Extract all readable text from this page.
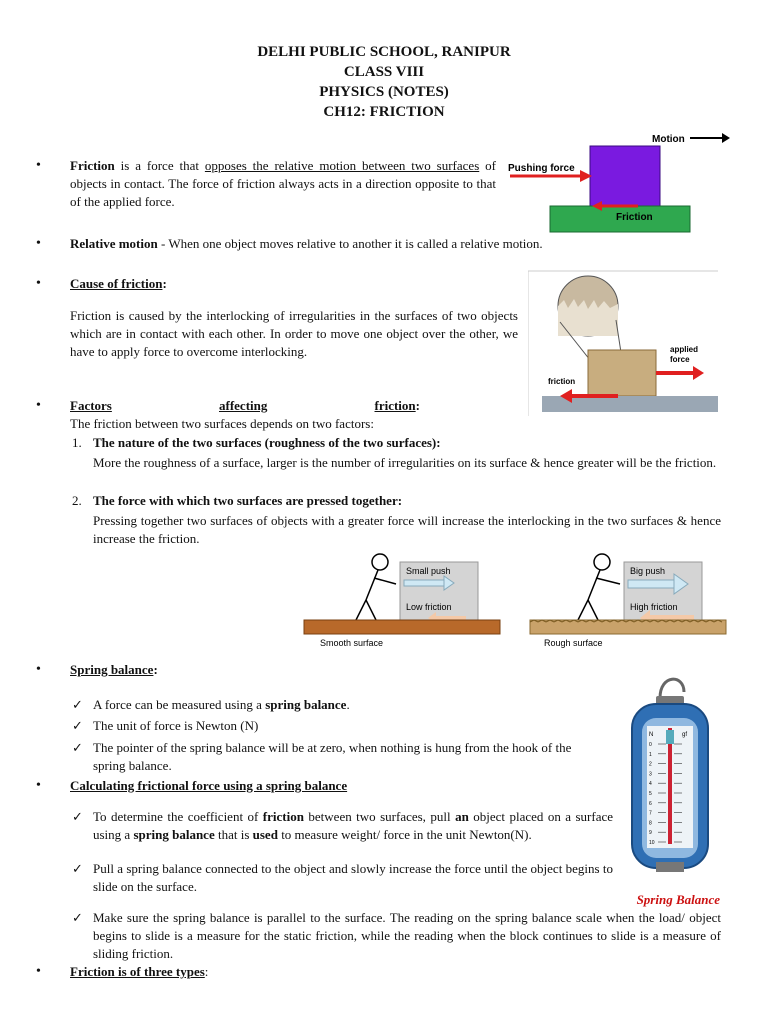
DELHI PUBLIC SCHOOL, RANIPUR
CLASS VIII
PHYSICS (NOTES)
CH12: FRICTION
• Friction is a force that opposes the relative motion between two surfaces of objects in contact. The force of friction always acts in a direction opposite to that of the applied force.
Motion
Pushing force
Friction
• Relative motion - When one object moves relative to another it is called a relative motion.
• Cause of friction:
Friction is caused by the interlocking of irregularities in the surfaces of two objects which are in contact with each other. In order to move one object over the other, we have to apply force to overcome interlocking.	applied
force
friction
• Factors	affecting	friction:
The friction between two surfaces depends on two factors:
1. The nature of the two surfaces (roughness of the two surfaces):
More the roughness of a surface, larger is the number of irregularities on its surface & hence greater will be the friction.
2. The force with which two surfaces are pressed together:
Pressing together two surfaces of objects with a greater force will increase the interlocking in the two surfaces & hence increase the friction.
Small push
Low friction
Smooth surface
Big push
High friction
Rough surface
• Spring balance:
✓ A force can be measured using a spring balance.
✓ The unit of force is Newton (N)
✓ The pointer of the spring balance will be at zero, when nothing is hung from the hook of the spring balance.
N	gf
0
1
2
3
4
5
6
7
8
9
10
Spring Balance
• Calculating frictional force using a spring balance
✓ To determine the coefficient of friction between two surfaces, pull an object placed on a surface using a spring balance that is used to measure weight/ force in the unit Newton(N).
✓ Pull a spring balance connected to the object and slowly increase the force until the object begins to slide on the surface.
✓ Make sure the spring balance is parallel to the surface. The reading on the spring balance scale when the load/ object begins to slide is a measure for the static friction, while the reading when the block continues to slide is a measure of sliding friction.
• Friction is of three types:
